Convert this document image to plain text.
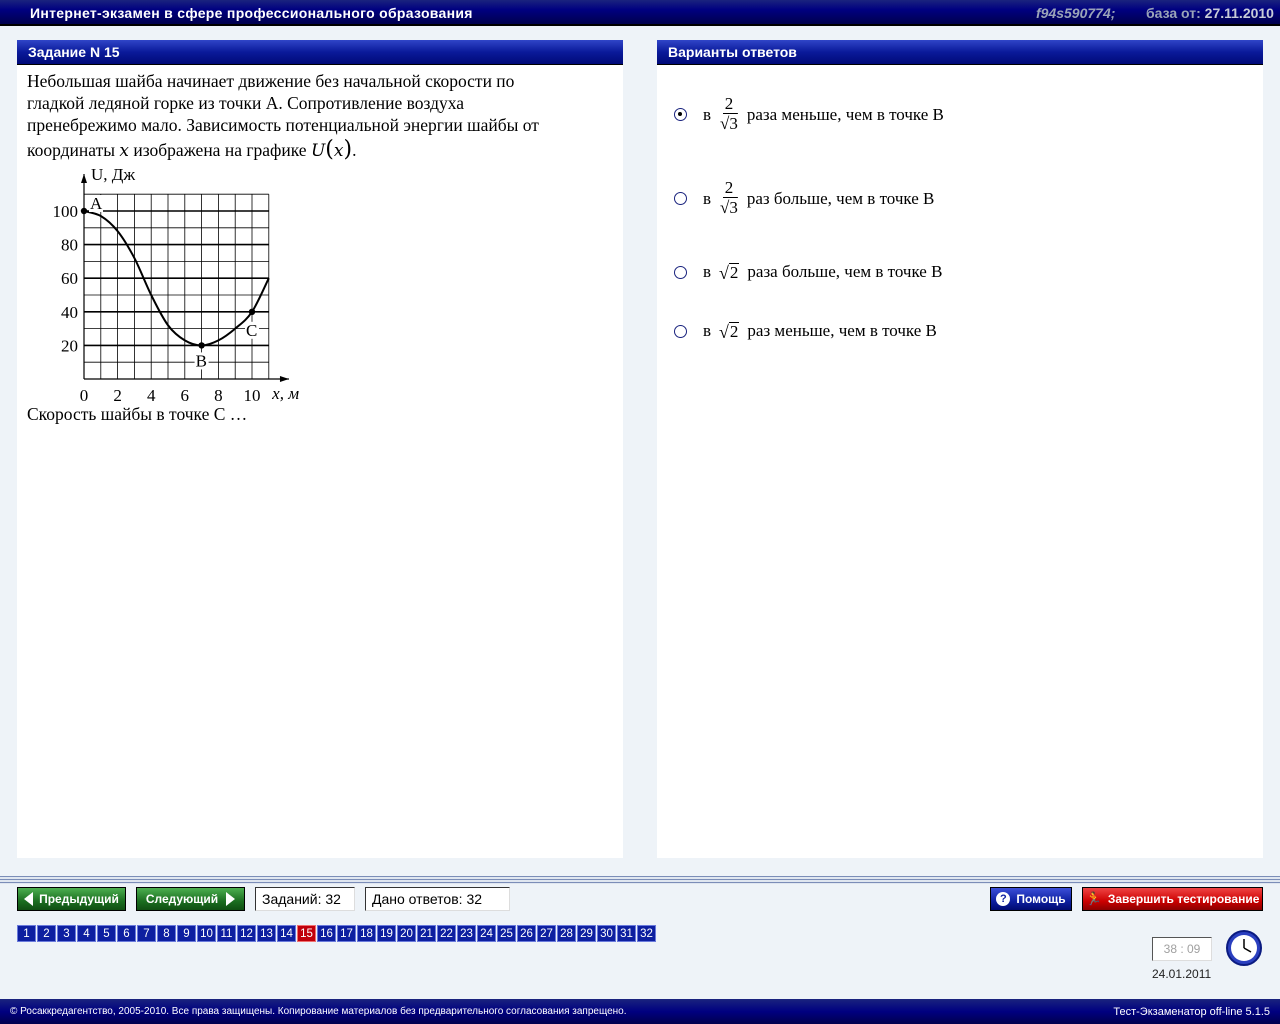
Интернет-экзамен в сфере профессионального образования	f94s590774; база от: 27.11.2010
Задание N 15
Небольшая шайба начинает движение без начальной скорости по
гладкой ледяной горке из точки А. Сопротивление воздуха
пренебрежимо мало. Зависимость потенциальной энергии шайбы от
координаты x изображена на графике U(x).
0 2 4 6 8 10
100
80
60
40
20
U, Дж
x, м
A
B
C
Скорость шайбы в точке С …
Варианты ответов
в $\frac{2}{√3}$ раза меньше, чем в точке В
в $\frac{2}{√3}$ раз больше, чем в точке В
в √ 2 раза больше, чем в точке В
в √ 2 раз меньше, чем в точке В
Предыдущий Следующий	Заданий: 32	Дано ответов: 32	? Помощь 🏃 Завершить тестирование
1	2	3	4	5	6	7	8	9 10 11 12 13 14 15 16 17 18 19 20 21 22 23 24 25 26 27 28 29 30 31 32
38 : 09
24.01.2011
© Росаккредагентство, 2005-2010. Все права защищены. Копирование материалов без предварительного согласования запрещено.	Тест-Экзаменатор off-line 5.1.5
